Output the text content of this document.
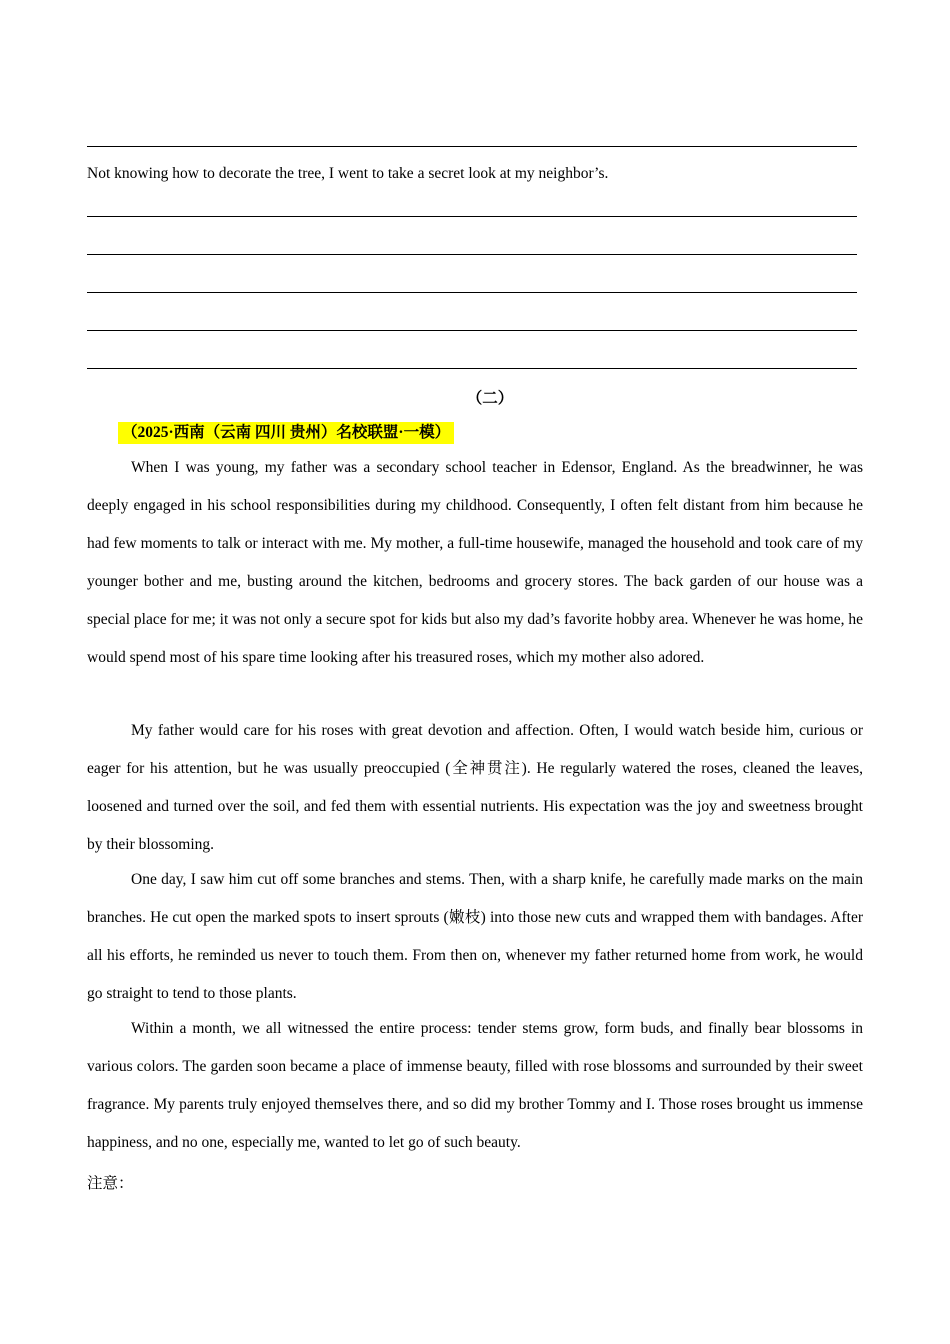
Not knowing how to decorate the tree, I went to take a secret look at my neighbor’s.
（二）
（2025·西南（云南 四川 贵州）名校联盟·一模）

When I was young, my father was a secondary school teacher in Edensor, England. As the breadwinner, he was deeply engaged in his school responsibilities during my childhood. Consequently, I often felt distant from him because he had few moments to talk or interact with me. My mother, a full-time housewife, managed the household and took care of my younger bother and me, busting around the kitchen, bedrooms and grocery stores. The back garden of our house was a special place for me; it was not only a secure spot for kids but also my dad’s favorite hobby area. Whenever he was home, he would spend most of his spare time looking after his treasured roses, which my mother also adored.

My father would care for his roses with great devotion and affection. Often, I would watch beside him, curious or eager for his attention, but he was usually preoccupied (全神贯注). He regularly watered the roses, cleaned the leaves, loosened and turned over the soil, and fed them with essential nutrients. His expectation was the joy and sweetness brought by their blossoming.

One day, I saw him cut off some branches and stems. Then, with a sharp knife, he carefully made marks on the main branches. He cut open the marked spots to insert sprouts (嫩枝) into those new cuts and wrapped them with bandages. After all his efforts, he reminded us never to touch them. From then on, whenever my father returned home from work, he would go straight to tend to those plants.

Within a month, we all witnessed the entire process: tender stems grow, form buds, and finally bear blossoms in various colors. The garden soon became a place of immense beauty, filled with rose blossoms and surrounded by their sweet fragrance. My parents truly enjoyed themselves there, and so did my brother Tommy and I. Those roses brought us immense happiness, and no one, especially me, wanted to let go of such beauty.

注意：
